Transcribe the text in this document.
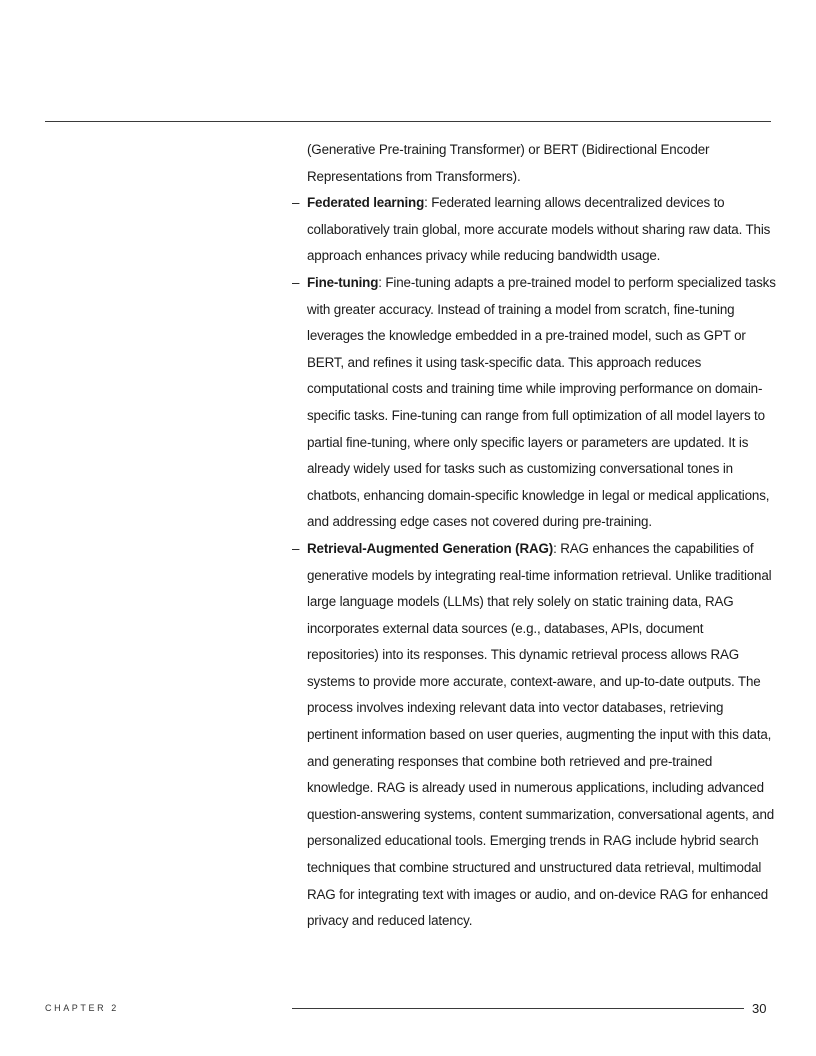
(Generative Pre-training Transformer) or BERT (Bidirectional Encoder Representations from Transformers).

– Federated learning: Federated learning allows decentralized devices to collaboratively train global, more accurate models without sharing raw data. This approach enhances privacy while reducing bandwidth usage.
– Fine-tuning: Fine-tuning adapts a pre-trained model to perform specialized tasks with greater accuracy. Instead of training a model from scratch, fine-tuning leverages the knowledge embedded in a pre-trained model, such as GPT or BERT, and refines it using task-specific data. This approach reduces computational costs and training time while improving performance on domain-specific tasks. Fine-tuning can range from full optimization of all model layers to partial fine-tuning, where only specific layers or parameters are updated. It is already widely used for tasks such as customizing conversational tones in chatbots, enhancing domain-specific knowledge in legal or medical applications, and addressing edge cases not covered during pre-training.
– Retrieval-Augmented Generation (RAG): RAG enhances the capabilities of generative models by integrating real-time information retrieval. Unlike traditional large language models (LLMs) that rely solely on static training data, RAG incorporates external data sources (e.g., databases, APIs, document repositories) into its responses. This dynamic retrieval process allows RAG systems to provide more accurate, context-aware, and up-to-date outputs. The process involves indexing relevant data into vector databases, retrieving pertinent information based on user queries, augmenting the input with this data, and generating responses that combine both retrieved and pre-trained knowledge. RAG is already used in numerous applications, including advanced question-answering systems, content summarization, conversational agents, and personalized educational tools. Emerging trends in RAG include hybrid search techniques that combine structured and unstructured data retrieval, multimodal RAG for integrating text with images or audio, and on-device RAG for enhanced privacy and reduced latency.
CHAPTER 2	30
